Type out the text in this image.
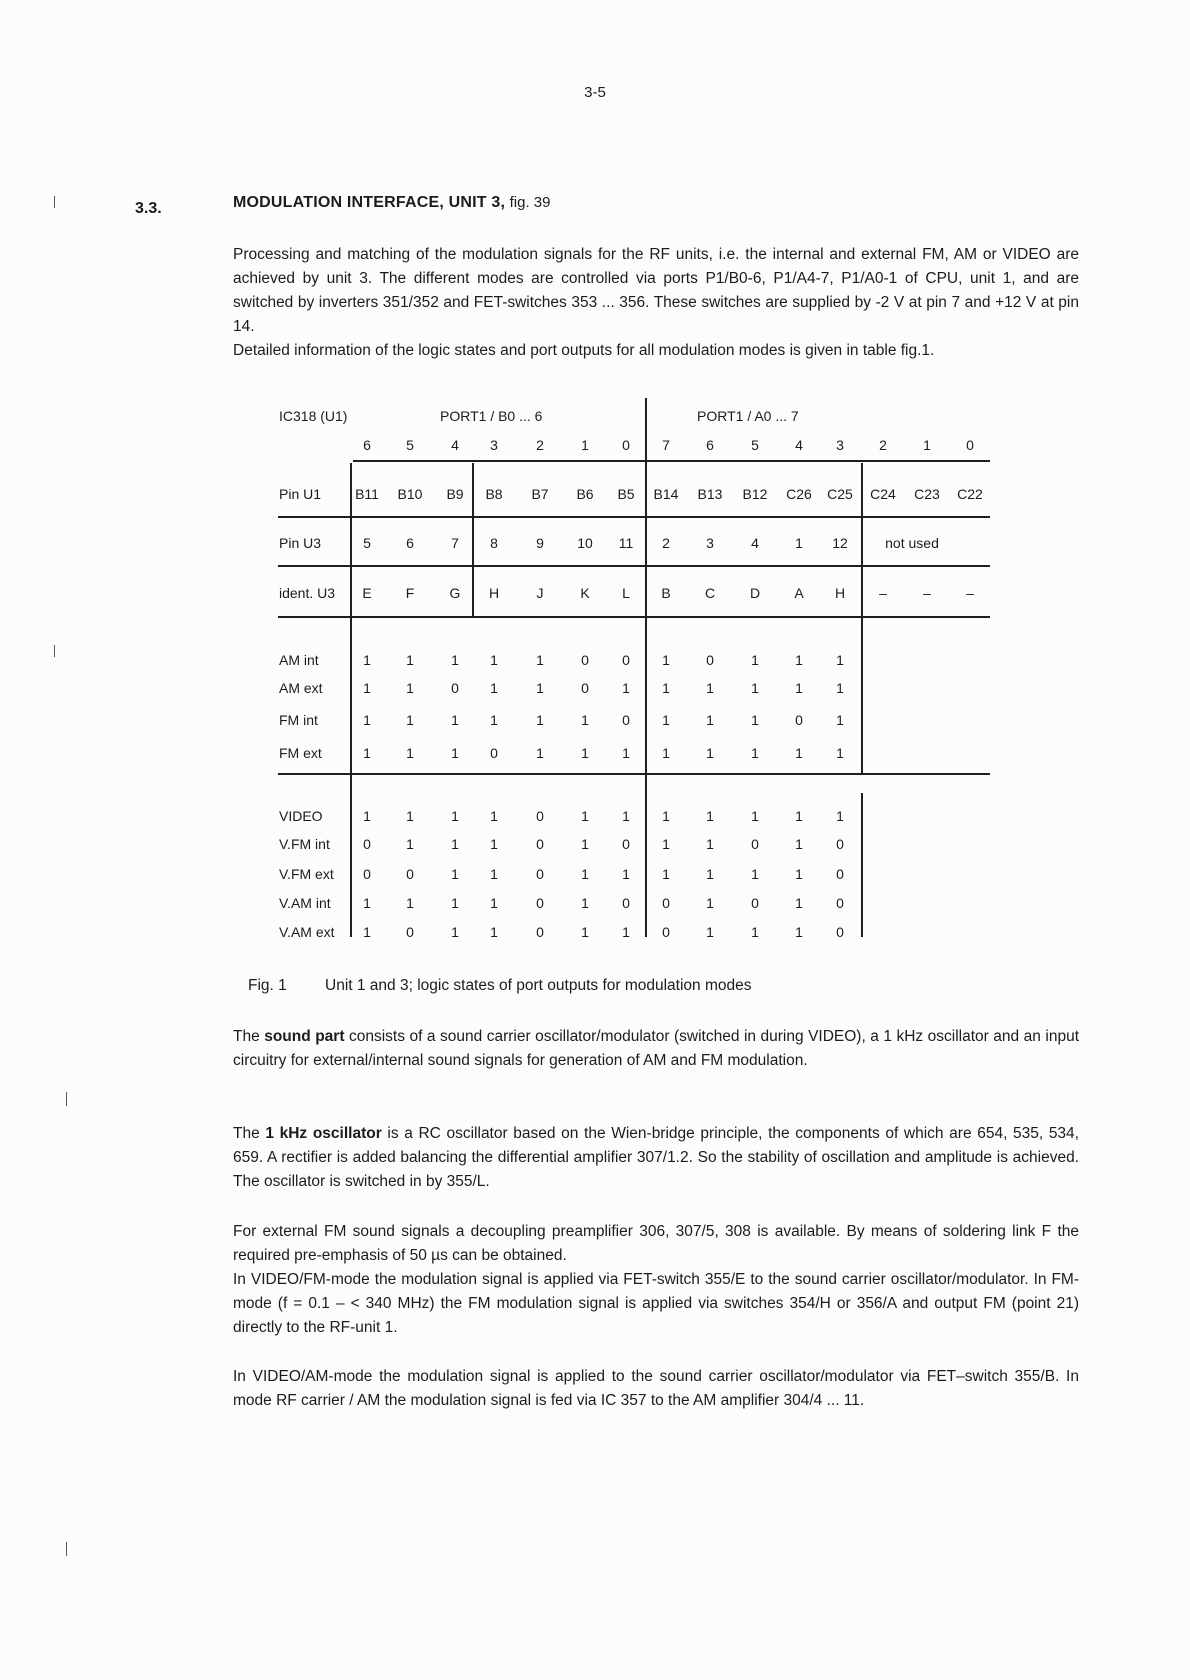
3-5
3.3.	MODULATION INTERFACE, UNIT 3, fig. 39

Processing and matching of the modulation signals for the RF units, i.e. the internal and external FM, AM or VIDEO are achieved by unit 3. The different modes are controlled via ports P1/B0-6, P1/A4-7, P1/A0-1 of CPU, unit 1, and are switched by inverters 351/352 and FET-switches 353 ... 356. These switches are supplied by -2 V at pin 7 and +12 V at pin 14.

Detailed information of the logic states and port outputs for all modulation modes is given in table fig.1.

IC318 (U1)	PORT1 / B0 ... 6	PORT1 / A0 ... 7
6	5	4 3	2	1 0 7	6	5	4 3	2	1	0
Pin U1 B11 B10 B9 B8 B7 B6 B5 B14 B13 B12 C26 C25 C24 C23 C22
Pin U3	5	6	7 8	9 10 11 2	3	4	1 12	not used
ident. U3 E F	G H	J	K L B C D A H –	–	–
AM int	1	1	1 1	1	0 0 1	0	1	1 1
AM ext	1	1	0 1	1	0 1 1	1	1	1 1
FM int	1	1	1 1	1	1 0 1	1	1	0 1
FM ext	1	1	1 0	1	1 1 1	1	1	1 1
VIDEO	1	1	1 1	0	1 1 1	1	1	1 1
V.FM int 0	1	1 1	0	1 0 1	1	0	1 0
V.FM ext 0	0	1 1	0	1 1 1	1	1	1 0
V.AM int 1	1	1 1	0	1 0 0	1	0	1 0
V.AM ext 1	0	1 1	0	1 1 0	1	1	1 0
Fig. 1 Unit 1 and 3; logic states of port outputs for modulation modes

The sound part consists of a sound carrier oscillator/modulator (switched in during VIDEO), a 1 kHz oscillator and an input circuitry for external/internal sound signals for generation of AM and FM modulation.

The 1 kHz oscillator is a RC oscillator based on the Wien-bridge principle, the components of which are 654, 535, 534, 659. A rectifier is added balancing the differential amplifier 307/1.2. So the stability of oscillation and amplitude is achieved. The oscillator is switched in by 355/L.

For external FM sound signals a decoupling preamplifier 306, 307/5, 308 is available. By means of soldering link F the required pre-emphasis of 50 µs can be obtained.

In VIDEO/FM-mode the modulation signal is applied via FET-switch 355/E to the sound carrier oscillator/modulator. In FM-mode (f = 0.1 – < 340 MHz) the FM modulation signal is applied via switches 354/H or 356/A and output FM (point 21) directly to the RF-unit 1.

In VIDEO/AM-mode the modulation signal is applied to the sound carrier oscillator/modulator via FET–switch 355/B. In mode RF carrier / AM the modulation signal is fed via IC 357 to the AM amplifier 304/4 ... 11.
